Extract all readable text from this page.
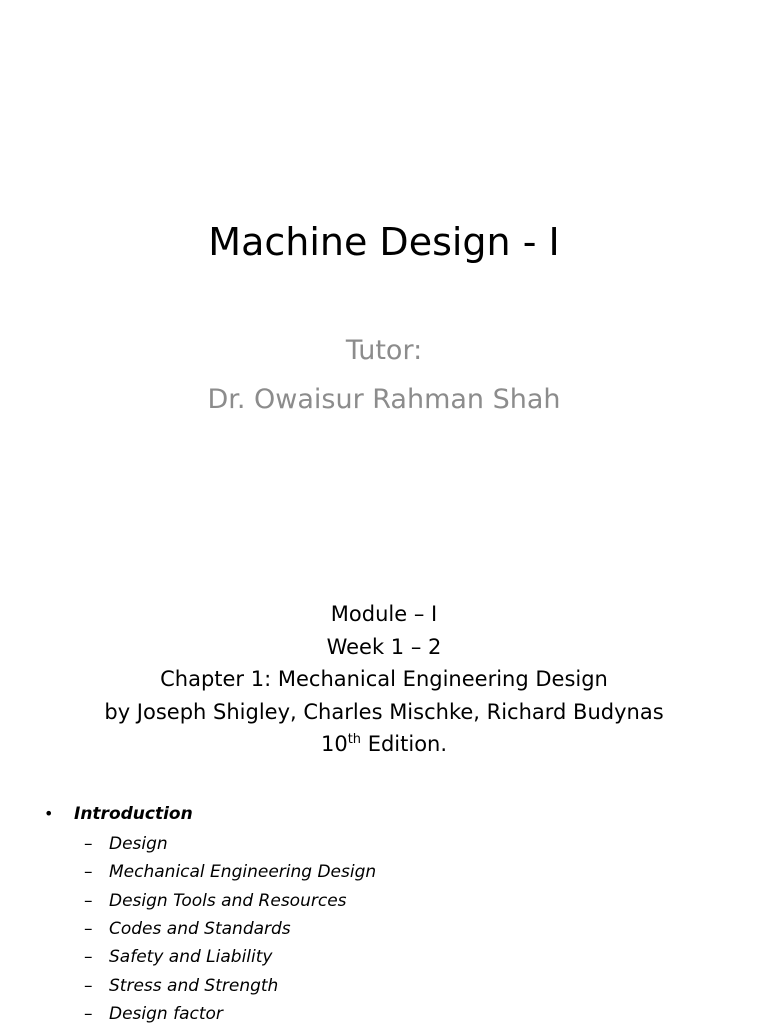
Machine Design - I
Tutor:
Dr. Owaisur Rahman Shah
Module – I
Week 1 – 2
Chapter 1: Mechanical Engineering Design
by Joseph Shigley, Charles Mischke, Richard Budynas
10th Edition.
•	Introduction
– Design
– Mechanical Engineering Design
– Design Tools and Resources
– Codes and Standards
– Safety and Liability
– Stress and Strength
– Design factor
